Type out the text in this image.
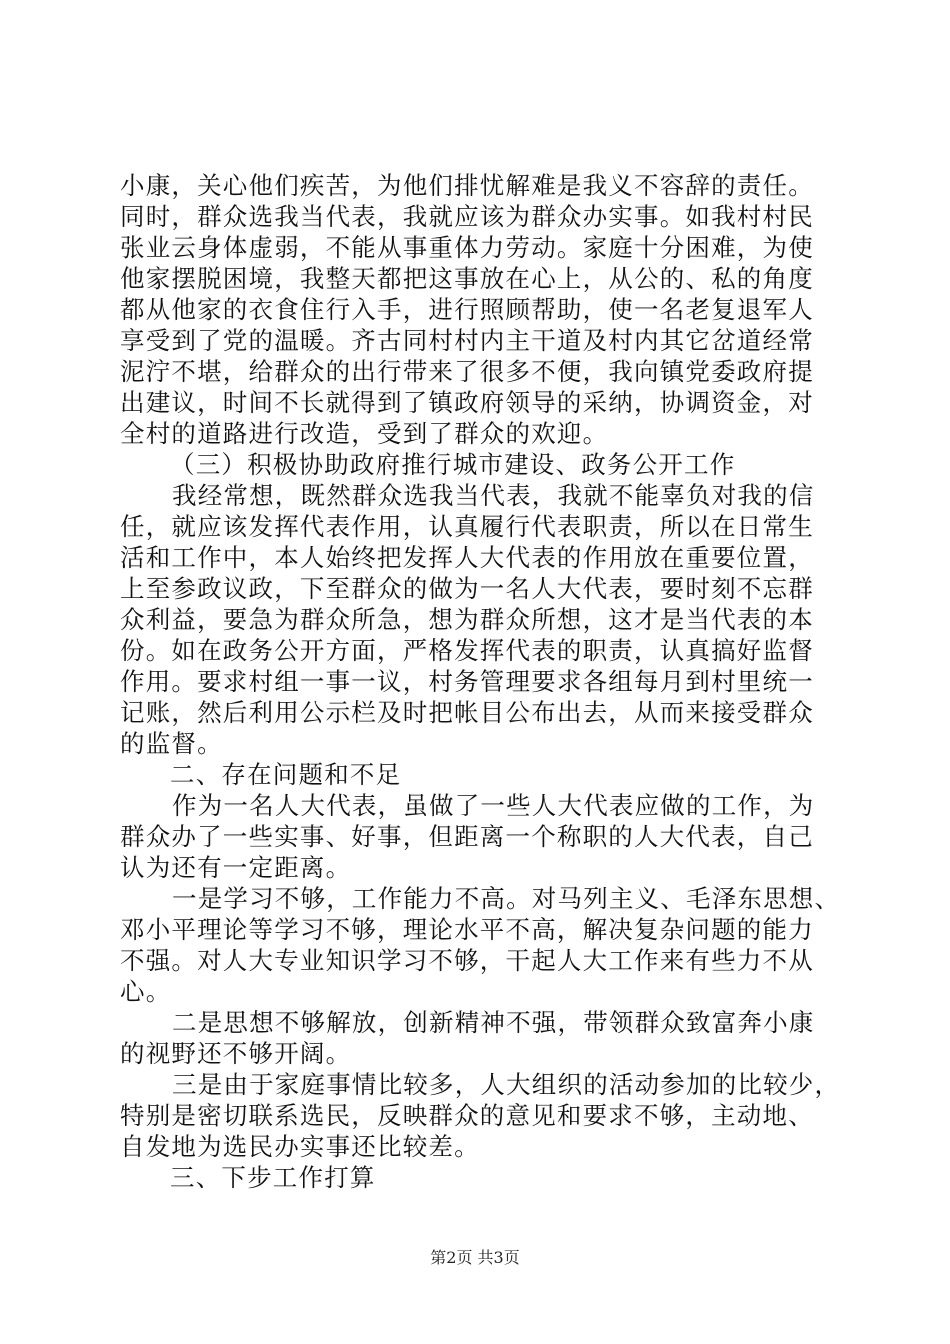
小康，关心他们疾苦，为他们排忧解难是我义不容辞的责任。
同时，群众选我当代表，我就应该为群众办实事。如我村村民
张业云身体虚弱，不能从事重体力劳动。家庭十分困难，为使
他家摆脱困境，我整天都把这事放在心上，从公的、私的角度
都从他家的衣食住行入手，进行照顾帮助，使一名老复退军人
享受到了党的温暖。齐古同村村内主干道及村内其它岔道经常
泥泞不堪，给群众的出行带来了很多不便，我向镇党委政府提
出建议，时间不长就得到了镇政府领导的采纳，协调资金，对
全村的道路进行改造，受到了群众的欢迎。
（三）积极协助政府推行城市建设、政务公开工作
我经常想，既然群众选我当代表，我就不能辜负对我的信
任，就应该发挥代表作用，认真履行代表职责，所以在日常生
活和工作中，本人始终把发挥人大代表的作用放在重要位置，
上至参政议政，下至群众的做为一名人大代表，要时刻不忘群
众利益，要急为群众所急，想为群众所想，这才是当代表的本
份。如在政务公开方面，严格发挥代表的职责，认真搞好监督
作用。要求村组一事一议，村务管理要求各组每月到村里统一
记账，然后利用公示栏及时把帐目公布出去，从而来接受群众
的监督。
二、存在问题和不足
作为一名人大代表，虽做了一些人大代表应做的工作，为
群众办了一些实事、好事，但距离一个称职的人大代表，自己
认为还有一定距离。
一是学习不够，工作能力不高。对马列主义、毛泽东思想、
邓小平理论等学习不够，理论水平不高，解决复杂问题的能力
不强。对人大专业知识学习不够，干起人大工作来有些力不从
心。
二是思想不够解放，创新精神不强，带领群众致富奔小康
的视野还不够开阔。
三是由于家庭事情比较多，人大组织的活动参加的比较少，
特别是密切联系选民，反映群众的意见和要求不够，主动地、
自发地为选民办实事还比较差。
三、下步工作打算
第2页 共3页
